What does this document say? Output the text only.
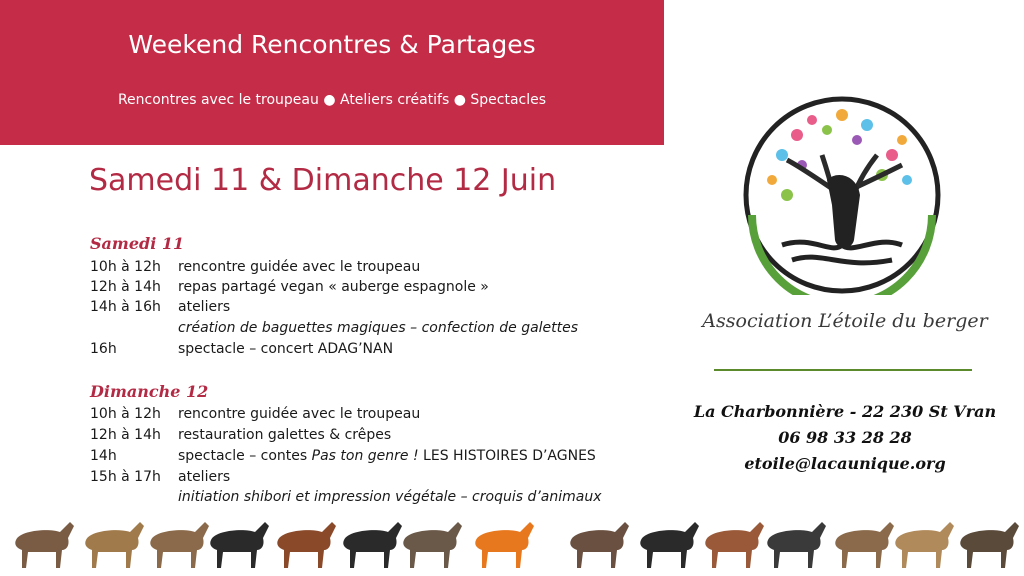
Weekend Rencontres & Partages
Rencontres avec le troupeau ● Ateliers créatifs ● Spectacles
Samedi 11 & Dimanche 12 Juin
Samedi 11
10h à 12h rencontre guidée avec le troupeau
12h à 14h repas partagé vegan « auberge espagnole »
14h à 16h ateliers
création de baguettes magiques – confection de galettes
16h	spectacle – concert ADAG’NAN
Dimanche 12
10h à 12h rencontre guidée avec le troupeau
12h à 14h restauration galettes & crêpes
14h	spectacle – contes Pas ton genre ! LES HISTOIRES D’AGNES
15h à 17h ateliers
initiation shibori et impression végétale – croquis d’animaux
Association L’étoile du berger
La Charbonnière - 22 230 St Vran
06 98 33 28 28
etoile@lacaunique.org
